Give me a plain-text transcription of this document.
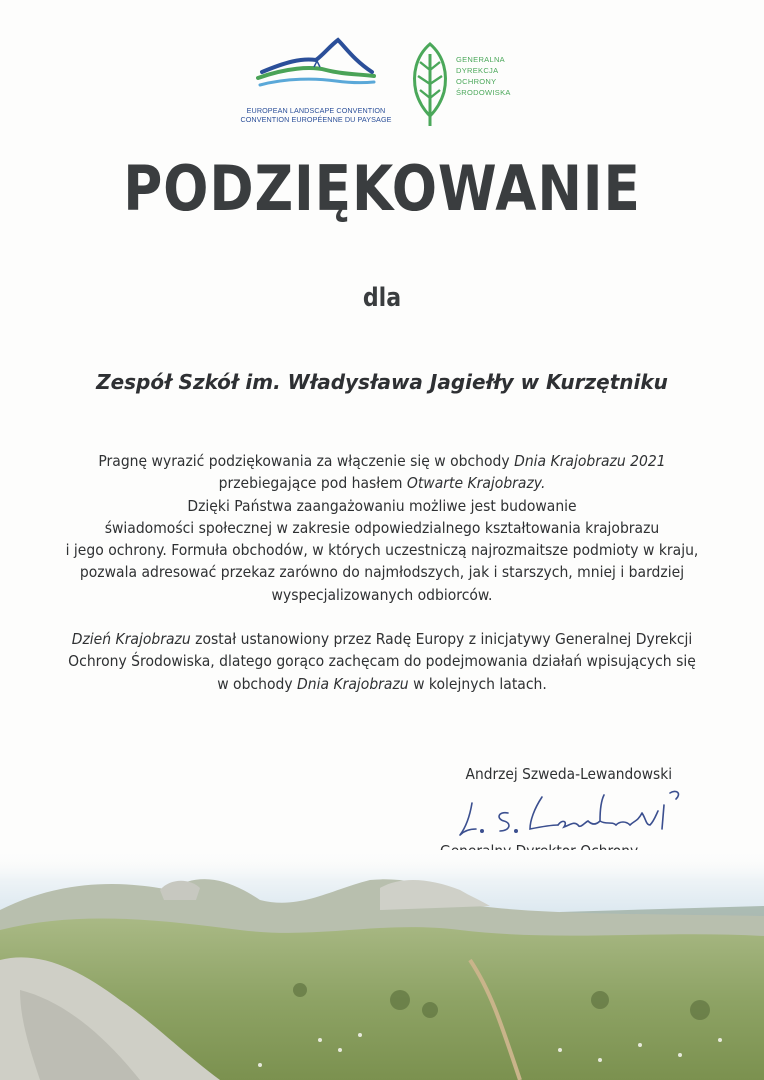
EUROPEAN LANDSCAPE CONVENTION
CONVENTION EUROPÉENNE DU PAYSAGE
GENERALNA
DYREKCJA
OCHRONY
ŚRODOWISKA
PODZIĘKOWANIE
dla
Zespół Szkół im. Władysława Jagiełły w Kurzętniku

Pragnę wyrazić podziękowania za włączenie się w obchody Dnia Krajobrazu 2021
przebiegające pod hasłem Otwarte Krajobrazy.
Dzięki Państwa zaangażowaniu możliwe jest budowanie
świadomości społecznej w zakresie odpowiedzialnego kształtowania krajobrazu
i jego ochrony. Formuła obchodów, w których uczestniczą najrozmaitsze podmioty w kraju,
pozwala adresować przekaz zarówno do najmłodszych, jak i starszych, mniej i bardziej
wyspecjalizowanych odbiorców.

Dzień Krajobrazu został ustanowiony przez Radę Europy z inicjatywy Generalnej Dyrekcji
Ochrony Środowiska, dlatego gorąco zachęcam do podejmowania działań wpisujących się
w obchody Dnia Krajobrazu w kolejnych latach.

Andrzej Szweda-Lewandowski
